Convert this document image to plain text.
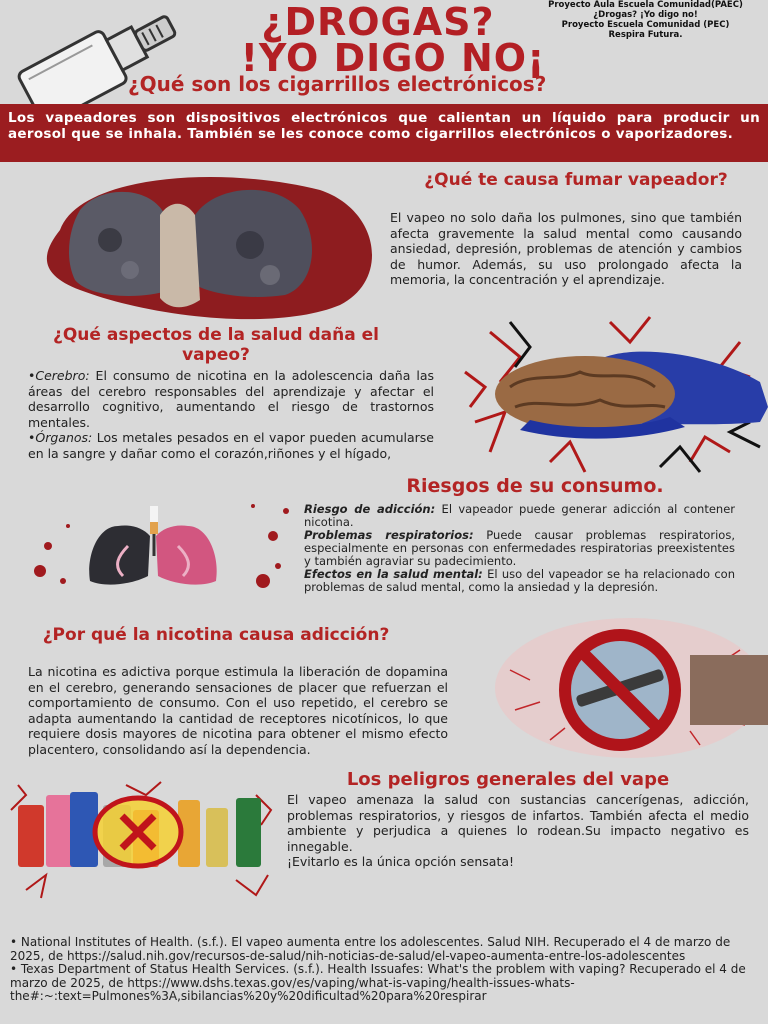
¿DROGAS?
!YO DIGO NO¡
¿Qué son los cigarrillos electrónicos?
Proyecto Aula Escuela Comunidad(PAEC)
¿Drogas? ¡Yo digo no!
Proyecto Escuela Comunidad (PEC)
Respira Futura.
Los vapeadores son dispositivos electrónicos que calientan un líquido para producir un aerosol que se inhala. También se les conoce como cigarrillos electrónicos o vaporizadores.
¿Qué te causa fumar vapeador?
El vapeo no solo daña los pulmones, sino que también afecta gravemente la salud mental como causando ansiedad, depresión, problemas de atención y cambios de humor. Además, su uso prolongado afecta la memoria, la concentración y el aprendizaje.
¿Qué aspectos de la salud daña el vapeo?
•Cerebro: El consumo de nicotina en la adolescencia daña las áreas del cerebro responsables del aprendizaje y afectar el desarrollo cognitivo, aumentando el riesgo de trastornos mentales.
•Órganos: Los metales pesados en el vapor pueden acumularse en la sangre y dañar como el corazón,riñones y el hígado,
Riesgos de su consumo.
Riesgo de adicción: El vapeador puede generar adicción al contener nicotina.
Problemas respiratorios: Puede causar problemas respiratorios, especialmente en personas con enfermedades respiratorias preexistentes y también agraviar su padecimiento.
Efectos en la salud mental: El uso del vapeador se ha relacionado con problemas de salud mental, como la ansiedad y la depresión.
¿Por qué la nicotina causa adicción?
La nicotina es adictiva porque estimula la liberación de dopamina en el cerebro, generando sensaciones de placer que refuerzan el comportamiento de consumo. Con el uso repetido, el cerebro se adapta aumentando la cantidad de receptores nicotínicos, lo que requiere dosis mayores de nicotina para obtener el mismo efecto placentero, consolidando así la dependencia.
Los peligros generales del vape
El vapeo amenaza la salud con sustancias cancerígenas, adicción, problemas respiratorios, y riesgos de infartos. También afecta el medio ambiente y perjudica a quienes lo rodean.Su impacto negativo es innegable.
¡Evitarlo es la única opción sensata!

• National Institutes of Health. (s.f.). El vapeo aumenta entre los adolescentes. Salud NIH. Recuperado el 4 de marzo de 2025, de https://salud.nih.gov/recursos-de-salud/nih-noticias-de-salud/el-vapeo-aumenta-entre-los-adolescentes

• Texas Department of Status Health Services. (s.f.). Health Issuafes: What's the problem with vaping? Recuperado el 4 de marzo de 2025, de https://www.dshs.texas.gov/es/vaping/what-is-vaping/health-issues-whats-the#:~:text=Pulmones%3A,sibilancias%20y%20dificultad%20para%20respirar
